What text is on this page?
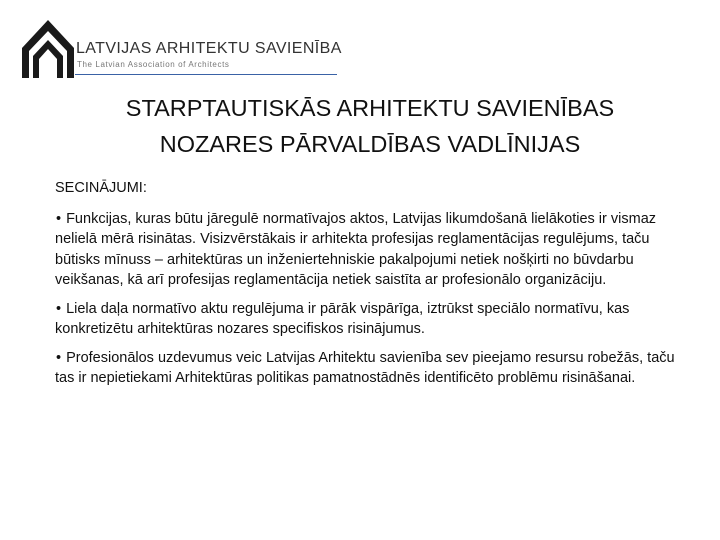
LATVIJAS ARHITEKTU SAVIENĪBA
The Latvian Association of Architects
STARPTAUTISKĀS ARHITEKTU SAVIENĪBAS
NOZARES PĀRVALDĪBAS VADLĪNIJAS

SECINĀJUMI:

• Funkcijas, kuras būtu jāregulē normatīvajos aktos, Latvijas likumdošanā lielākoties ir vismaz nelielā mērā risinātas. Visizvērstākais ir arhitekta profesijas reglamentācijas regulējums, taču būtisks mīnuss – arhitektūras un inženiertehniskie pakalpojumi netiek nošķirti no būvdarbu veikšanas, kā arī profesijas reglamentācija netiek saistīta ar profesionālo organizāciju.
• Liela daļa normatīvo aktu regulējuma ir pārāk vispārīga, iztrūkst speciālo normatīvu, kas konkretizētu arhitektūras nozares specifiskos risinājumus.
• Profesionālos uzdevumus veic Latvijas Arhitektu savienība sev pieejamo resursu robežās, taču tas ir nepietiekami Arhitektūras politikas pamatnostādnēs identificēto problēmu risināšanai.
